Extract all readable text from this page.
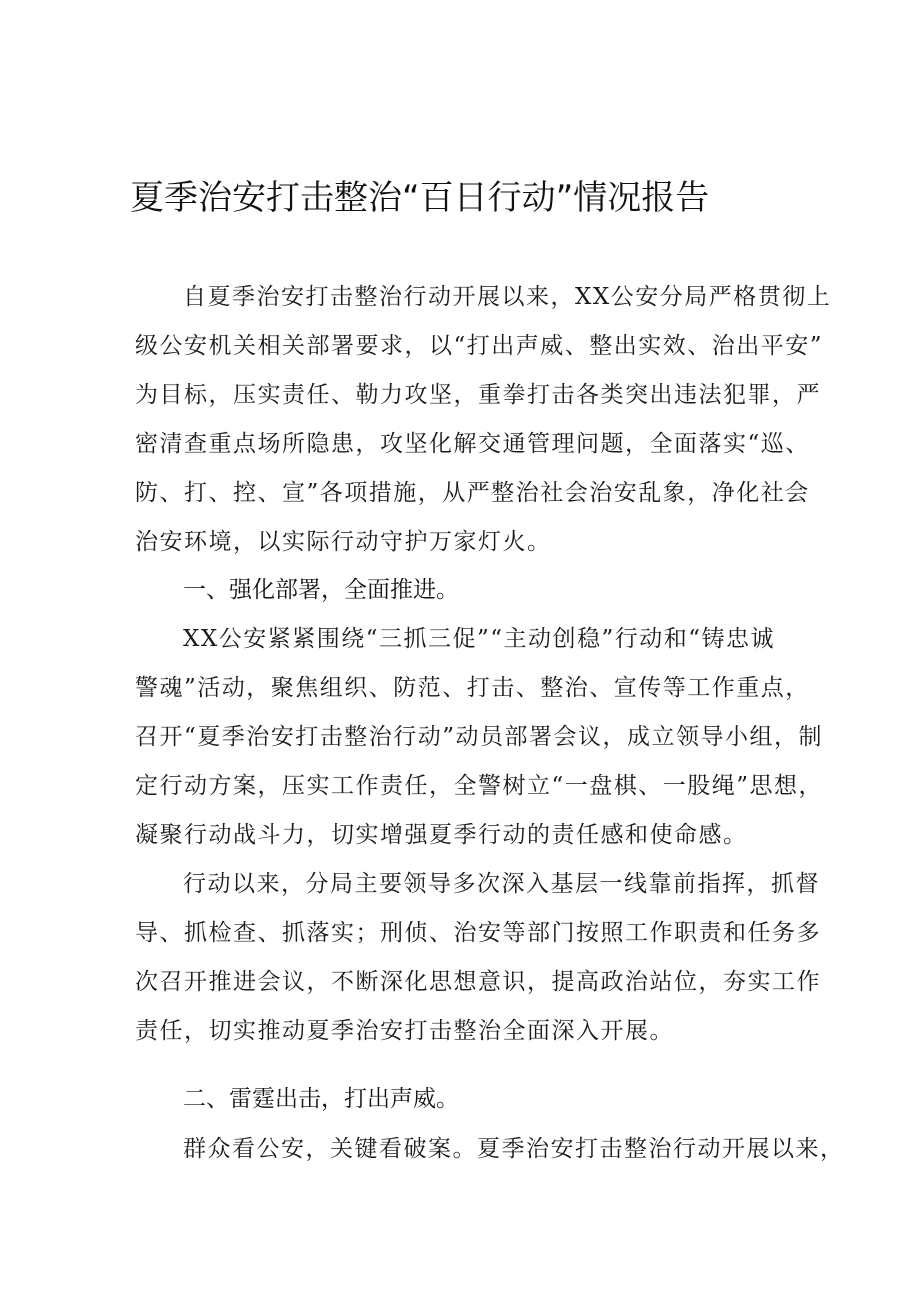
夏季治安打击整治“百日行动”情况报告
自夏季治安打击整治行动开展以来，XX公安分局严格贯彻上
级公安机关相关部署要求，以“打出声威、整出实效、治出平安”
为目标，压实责任、勒力攻坚，重拳打击各类突出违法犯罪，严
密清查重点场所隐患，攻坚化解交通管理问题，全面落实“巡、
防、打、控、宣”各项措施，从严整治社会治安乱象，净化社会
治安环境，以实际行动守护万家灯火。
一、强化部署，全面推进。
XX公安紧紧围绕“三抓三促”“主动创稳”行动和“铸忠诚
警魂”活动，聚焦组织、防范、打击、整治、宣传等工作重点，
召开“夏季治安打击整治行动”动员部署会议，成立领导小组，制
定行动方案，压实工作责任，全警树立“一盘棋、一股绳”思想，
凝聚行动战斗力，切实增强夏季行动的责任感和使命感。
行动以来，分局主要领导多次深入基层一线靠前指挥，抓督
导、抓检查、抓落实；刑侦、治安等部门按照工作职责和任务多
次召开推进会议，不断深化思想意识，提高政治站位，夯实工作
责任，切实推动夏季治安打击整治全面深入开展。
二、雷霆出击，打出声威。
群众看公安，关键看破案。夏季治安打击整治行动开展以来，
